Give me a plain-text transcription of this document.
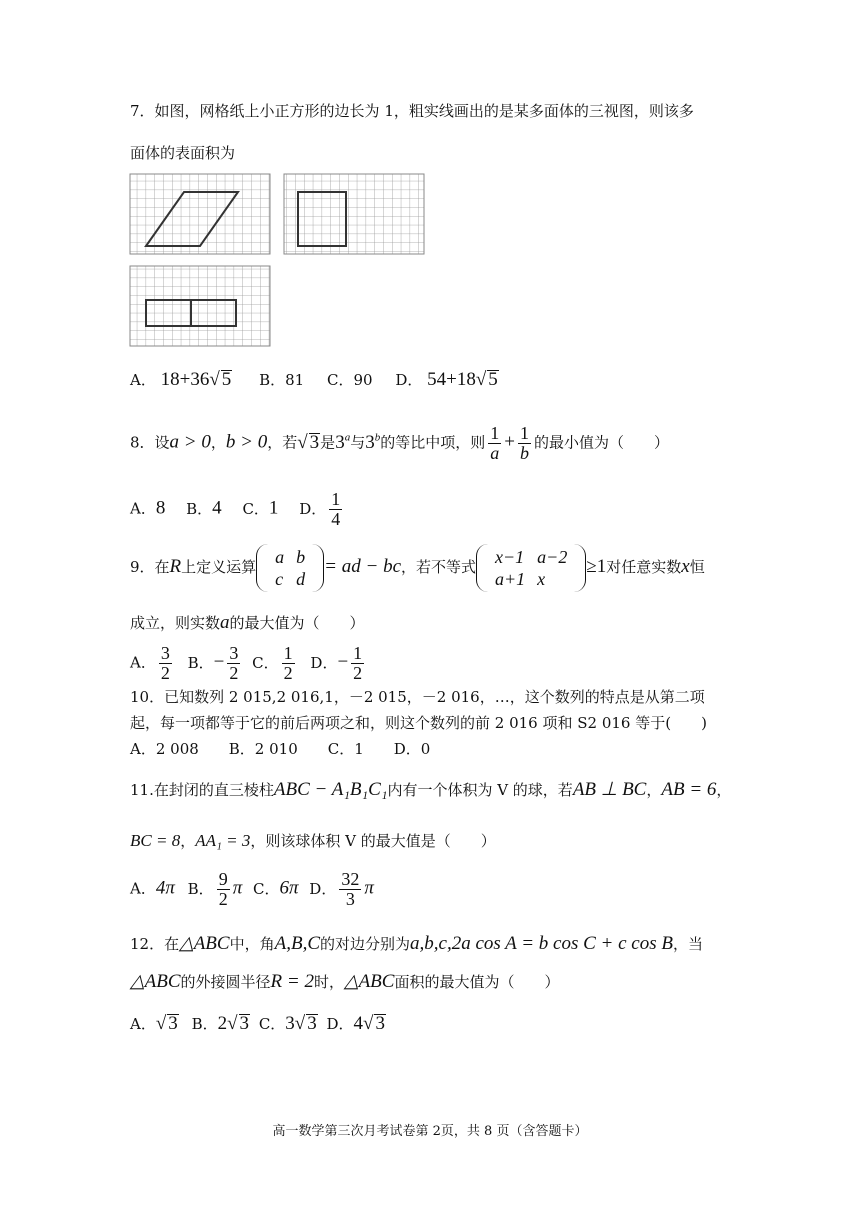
7．如图，网格纸上小正方形的边长为 1，粗实线画出的是某多面体的三视图，则该多
面体的表面积为
A． 18+36√ 5 B．81 C．90 D． 54+18√ 5
8．设a > 0，b > 0，若√ 3是3$^a$与3$^b$的等比中项，则 $\frac{1}{a} + \frac{1}{b}$ 的最小值为（　　）
A．8 B．4 C．1 D． $\frac{1}{4}$
9．在R上定义运算 a	b
c	d
= ad − bc，若不等式 x−1	a−2
a+1	x
≥1对任意实数x恒
成立，则实数a的最大值为（　　）
A． $\frac{3}{2}$ B．− $\frac{3}{2}$ C． $\frac{1}{2}$ D．− $\frac{1}{2}$
10．已知数列 2 015,2 016,1，－2 015，－2 016，…，这个数列的特点是从第二项
起，每一项都等于它的前后两项之和，则这个数列的前 2 016 项和 S2 016 等于(　　)
A．2 008　　B．2 010　　C．1　　D．0
11.在封闭的直三棱柱ABC − A₁B₁C₁内有一个体积为 V 的球，若AB ⊥ BC，AB = 6，
BC = 8，AA₁ = 3，则该球体积 V 的最大值是（　　）
A．4π B． $\frac{9}{2}$ π C．6π D． $\frac{32}{3}$ π
12．在△ABC中，角A,B,C的对边分别为a,b,c,2a cos A = b cos C + c cos B，当
△ABC的外接圆半径R = 2时，△ABC面积的最大值为（　　）
A．√ 3 B．2√ 3 C．3√ 3 D．4√ 3
高一数学第三次月考试卷第 2页，共 8 页（含答题卡）
